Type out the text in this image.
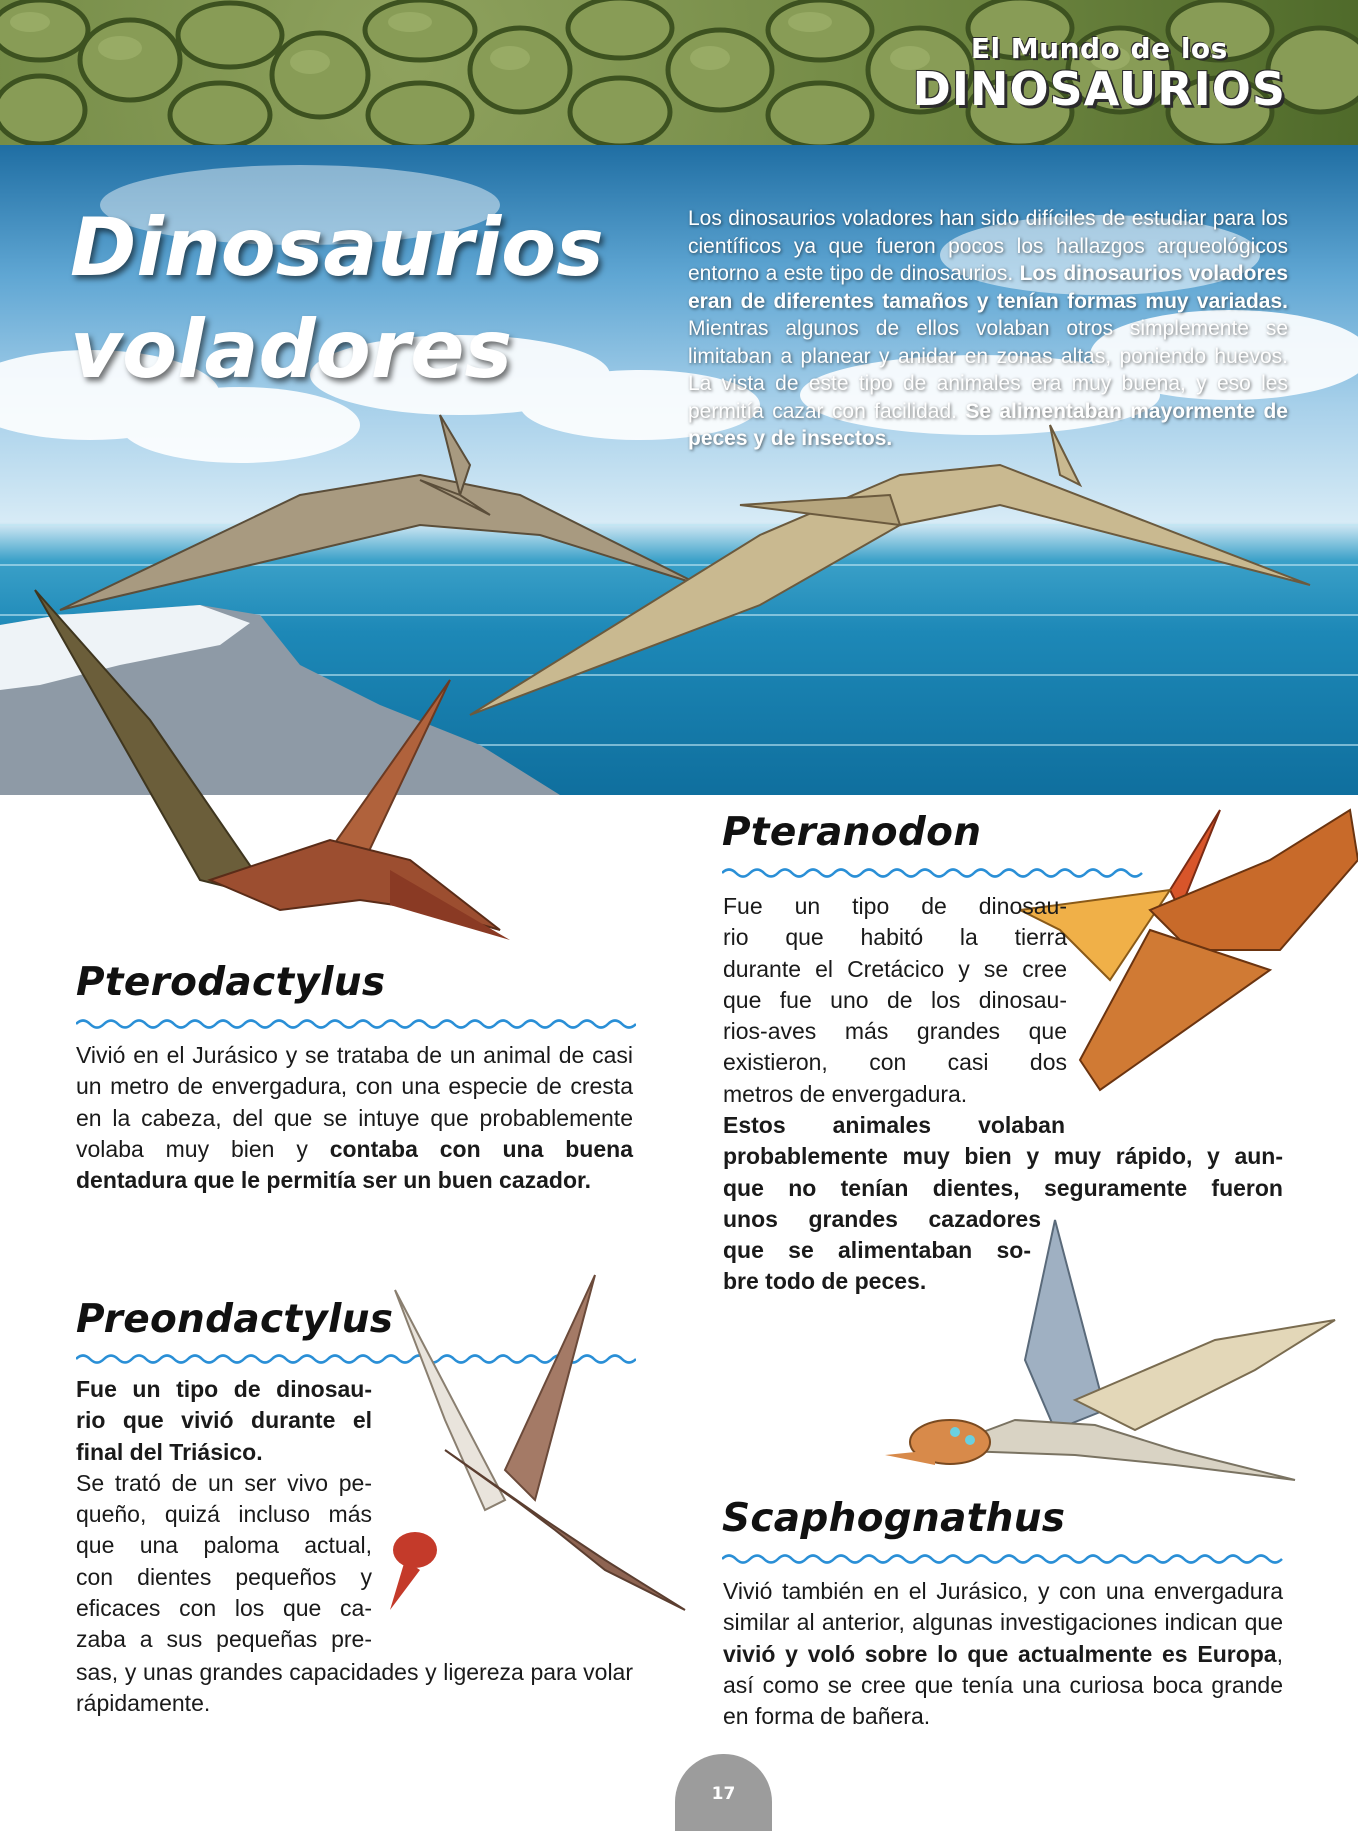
El Mundo de los
DINOSAURIOS
Dinosaurios
voladores

Los dinosaurios voladores han sido difíciles de estudiar para los científicos ya que fueron pocos los hallazgos arqueológicos entorno a este tipo de dinosaurios. Los dinosaurios voladores eran de diferentes tamaños y tenían formas muy variadas. Mientras algunos de ellos volaban otros simplemente se limitaban a planear y anidar en zonas altas, poniendo huevos. La vista de este tipo de animales era muy buena, y eso les permitía cazar con facilidad. Se alimentaban mayormente de peces y de insectos.

Pterodactylus

Vivió en el Jurásico y se trataba de un animal de casi un metro de envergadura, con una especie de cresta en la cabeza, del que se intuye que probablemente volaba muy bien y contaba con una buena dentadura que le permitía ser un buen cazador.

Preondactylus
Fue un tipo de dinosau-
rio que vivió durante el
final del Triásico.
Se trató de un ser vivo pe-
queño, quizá incluso más
que una paloma actual,
con dientes pequeños y
eficaces con los que ca-
zaba a sus pequeñas pre-

sas, y unas grandes capacidades y ligereza para volar rápidamente.

Pteranodon
Fue un tipo de dinosau-
rio que habitó la tierra
durante el Cretácico y se cree
que fue uno de los dinosau-
rios-aves más grandes que
existieron, con casi dos
metros de envergadura.
Estos animales volaban
probablemente muy bien y muy rápido, y aun-
que no tenían dientes, seguramente fueron
unos grandes cazadores
que se alimentaban so-
bre todo de peces.
Scaphognathus

Vivió también en el Jurásico, y con una envergadura similar al anterior, algunas investigaciones indican que vivió y voló sobre lo que actualmente es Europa, así como se cree que tenía una curiosa boca grande en forma de bañera.

17
